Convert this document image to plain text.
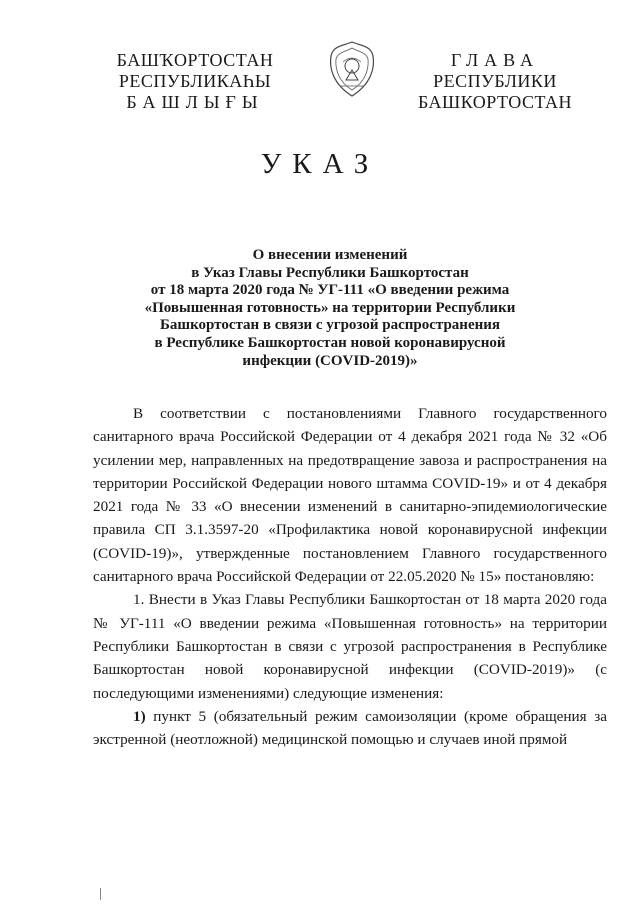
БАШҠОРТОСТАН
РЕСПУБЛИКАҺЫ
БАШЛЫҒЫ
ГЛАВА
РЕСПУБЛИКИ
БАШКОРТОСТАН
УКАЗ
О внесении изменений
в Указ Главы Республики Башкортостан
от 18 марта 2020 года № УГ-111 «О введении режима
«Повышенная готовность» на территории Республики
Башкортостан в связи с угрозой распространения
в Республике Башкортостан новой коронавирусной
инфекции (COVID-2019)»

В соответствии с постановлениями Главного государственного санитарного врача Российской Федерации от 4 декабря 2021 года № 32 «Об усилении мер, направленных на предотвращение завоза и распространения на территории Российской Федерации нового штамма COVID-19» и от 4 декабря 2021 года № 33 «О внесении изменений в санитарно-эпидемиологические правила СП 3.1.3597-20 «Профилактика новой коронавирусной инфекции (COVID-19)», утвержденные постановлением Главного государственного санитарного врача Российской Федерации от 22.05.2020 № 15» постановляю:

1. Внести в Указ Главы Республики Башкортостан от 18 марта 2020 года № УГ-111 «О введении режима «Повышенная готовность» на территории Республики Башкортостан в связи с угрозой распространения в Республике Башкортостан новой коронавирусной инфекции (COVID-2019)» (с последующими изменениями) следующие изменения:

1) пункт 5 (обязательный режим самоизоляции (кроме обращения за экстренной (неотложной) медицинской помощью и случаев иной прямой
